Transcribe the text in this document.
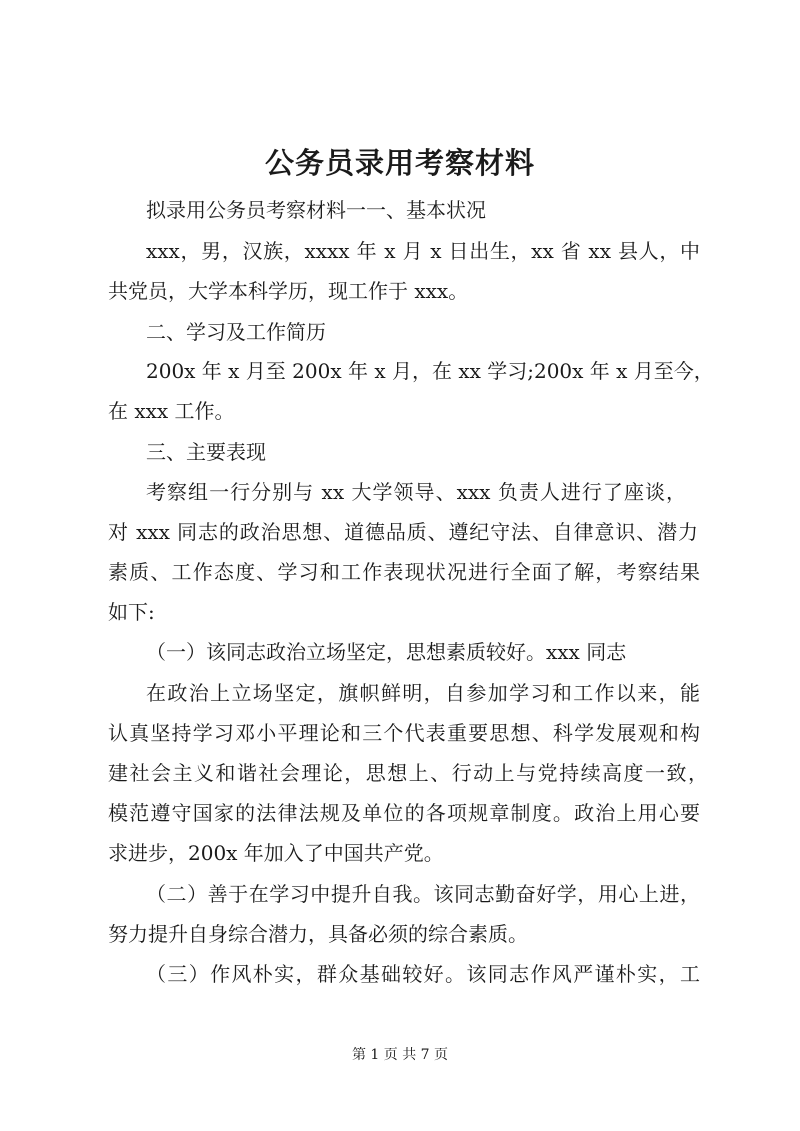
公务员录用考察材料

拟录用公务员考察材料一一、基本状况

xxx，男，汉族，xxxx 年 x 月 x 日出生，xx 省 xx 县人，中

共党员，大学本科学历，现工作于 xxx。

二、学习及工作简历

200x 年 x 月至 200x 年 x 月，在 xx 学习;200x 年 x 月至今，

在 xxx 工作。

三、主要表现

考察组一行分别与 xx 大学领导、xxx 负责人进行了座谈，

对 xxx 同志的政治思想、道德品质、遵纪守法、自律意识、潜力

素质、工作态度、学习和工作表现状况进行全面了解，考察结果

如下:

（一）该同志政治立场坚定，思想素质较好。xxx 同志

在政治上立场坚定，旗帜鲜明，自参加学习和工作以来，能

认真坚持学习邓小平理论和三个代表重要思想、科学发展观和构

建社会主义和谐社会理论，思想上、行动上与党持续高度一致，

模范遵守国家的法律法规及单位的各项规章制度。政治上用心要

求进步，200x 年加入了中国共产党。

（二）善于在学习中提升自我。该同志勤奋好学，用心上进，

努力提升自身综合潜力，具备必须的综合素质。

（三）作风朴实，群众基础较好。该同志作风严谨朴实，工

第 1 页 共 7 页
